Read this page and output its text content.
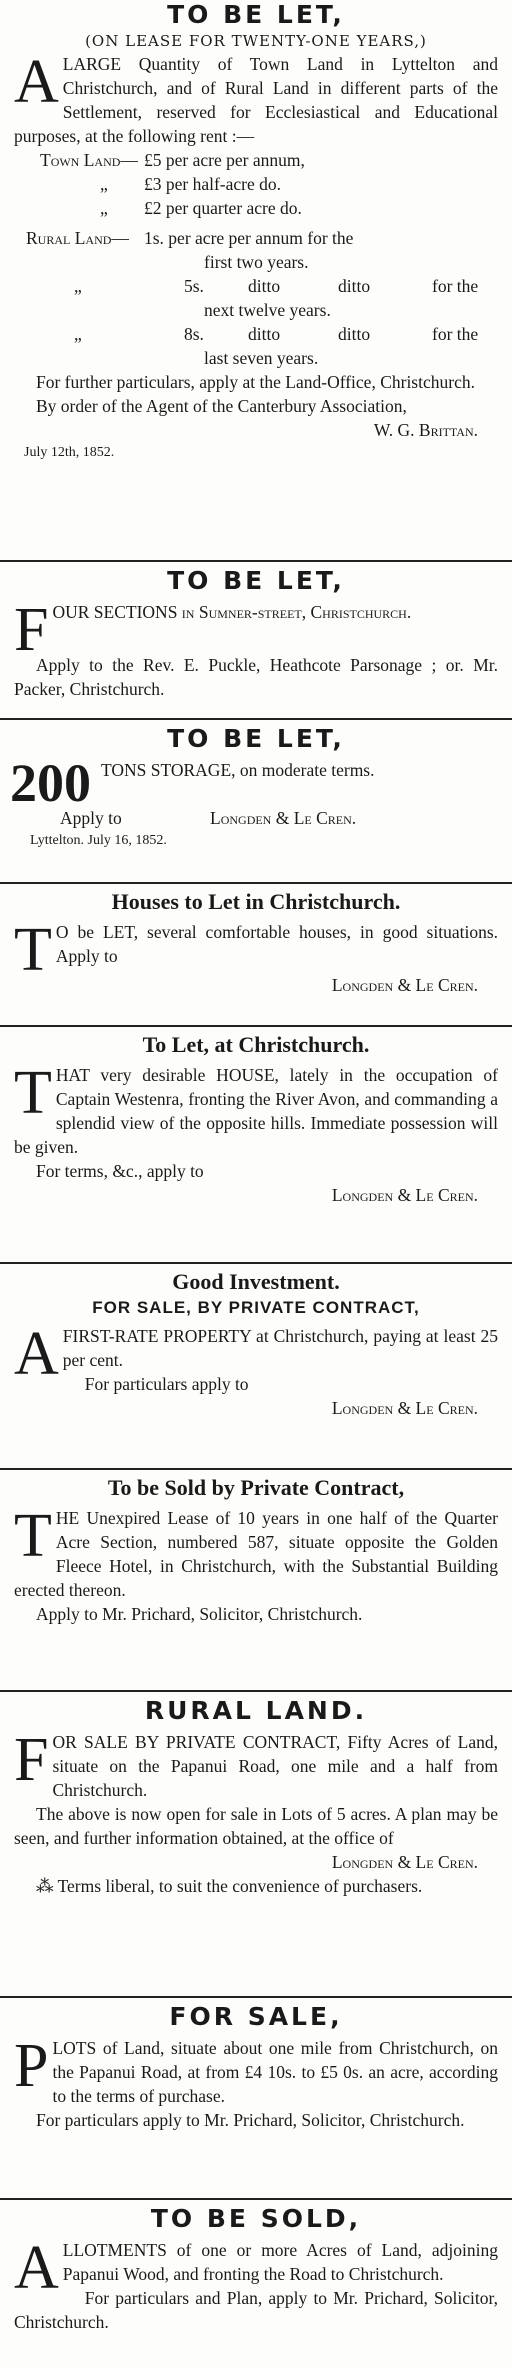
TO BE LET,
(ON LEASE FOR TWENTY-ONE YEARS,)
A LARGE Quantity of Town Land in Lyttelton and Christchurch, and of Rural Land in different parts of the Settlement, reserved for Ecclesiastical and Educational purposes, at the following rent :—

Town Land— £5 per acre per annum,
„	£3 per half-acre do.
„	£2 per quarter acre do.
Rural Land— 1s. per acre per annum for the
first two years.
„	5s.	ditto	ditto	for the
next twelve years.
„	8s.	ditto	ditto	for the
last seven years.

For further particulars, apply at the Land-Office, Christchurch.

By order of the Agent of the Canterbury Association,

W. G. Brittan.

July 12th, 1852.

TO BE LET,
F OUR SECTIONS in Sumner-street, Christchurch.

Apply to the Rev. E. Puckle, Heathcote Parsonage ; or. Mr. Packer, Christchurch.

TO BE LET,
200 TONS STORAGE, on moderate terms.

Apply to	Longden & Le Cren.

Lyttelton. July 16, 1852.

Houses to Let in Christchurch.
T O be LET, several comfortable houses, in good situations. Apply to

Longden & Le Cren.

To Let, at Christchurch.
T HAT very desirable HOUSE, lately in the occupation of Captain Westenra, fronting the River Avon, and commanding a splendid view of the opposite hills. Immediate possession will be given.

For terms, &c., apply to

Longden & Le Cren.

Good Investment.
FOR SALE, BY PRIVATE CONTRACT,
A FIRST-RATE PROPERTY at Christchurch, paying at least 25 per cent.

For particulars apply to

Longden & Le Cren.

To be Sold by Private Contract,
T HE Unexpired Lease of 10 years in one half of the Quarter Acre Section, numbered 587, situate opposite the Golden Fleece Hotel, in Christchurch, with the Substantial Building erected thereon.

Apply to Mr. Prichard, Solicitor, Christchurch.

RURAL LAND.
F OR SALE BY PRIVATE CONTRACT, Fifty Acres of Land, situate on the Papanui Road, one mile and a half from Christchurch.

The above is now open for sale in Lots of 5 acres. A plan may be seen, and further information obtained, at the office of

Longden & Le Cren.

⁂ Terms liberal, to suit the convenience of purchasers.

FOR SALE,
P LOTS of Land, situate about one mile from Christchurch, on the Papanui Road, at from £4 10s. to £5 0s. an acre, according to the terms of purchase.

For particulars apply to Mr. Prichard, Solicitor, Christchurch.

TO BE SOLD,
A LLOTMENTS of one or more Acres of Land, adjoining Papanui Wood, and fronting the Road to Christchurch.

For particulars and Plan, apply to Mr. Prichard, Solicitor, Christchurch.
